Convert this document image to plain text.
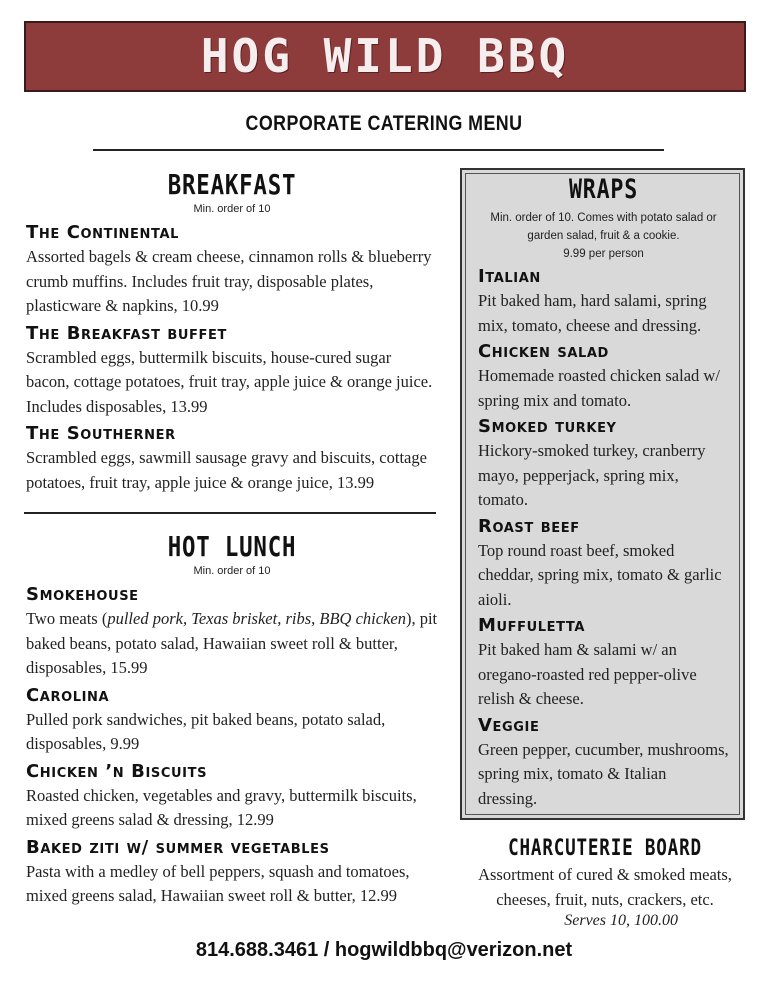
HOG WILD BBQ
CORPORATE CATERING MENU
BREAKFAST
Min. order of 10
The Continental
Assorted bagels & cream cheese, cinnamon rolls & blueberry crumb muffins. Includes fruit tray, disposable plates, plasticware & napkins, 10.99
The Breakfast buffet
Scrambled eggs, buttermilk biscuits, house-cured sugar bacon, cottage potatoes, fruit tray, apple juice & orange juice. Includes disposables, 13.99
The Southerner
Scrambled eggs, sawmill sausage gravy and biscuits, cottage potatoes, fruit tray, apple juice & orange juice, 13.99
HOT LUNCH
Min. order of 10
Smokehouse
Two meats (pulled pork, Texas brisket, ribs, BBQ chicken), pit baked beans, potato salad, Hawaiian sweet roll & butter, disposables, 15.99
Carolina
Pulled pork sandwiches, pit baked beans, potato salad, disposables, 9.99
Chicken ’n Biscuits
Roasted chicken, vegetables and gravy, buttermilk biscuits, mixed greens salad & dressing, 12.99
Baked ziti w/ summer vegetables
Pasta with a medley of bell peppers, squash and tomatoes, mixed greens salad, Hawaiian sweet roll & butter, 12.99
WRAPS
Min. order of 10. Comes with potato salad or garden salad, fruit & a cookie.
9.99 per person
Italian
Pit baked ham, hard salami, spring mix, tomato, cheese and dressing.
Chicken salad
Homemade roasted chicken salad w/ spring mix and tomato.
Smoked turkey
Hickory-smoked turkey, cranberry mayo, pepperjack, spring mix, tomato.
Roast beef
Top round roast beef, smoked cheddar, spring mix, tomato & garlic aioli.
Muffuletta
Pit baked ham & salami w/ an oregano-roasted red pepper-olive relish & cheese.
Veggie
Green pepper, cucumber, mushrooms, spring mix, tomato & Italian dressing.
CHARCUTERIE BOARD
Assortment of cured & smoked meats, cheeses, fruit, nuts, crackers, etc.
Serves 10, 100.00
814.688.3461 / hogwildbbq@verizon.net
